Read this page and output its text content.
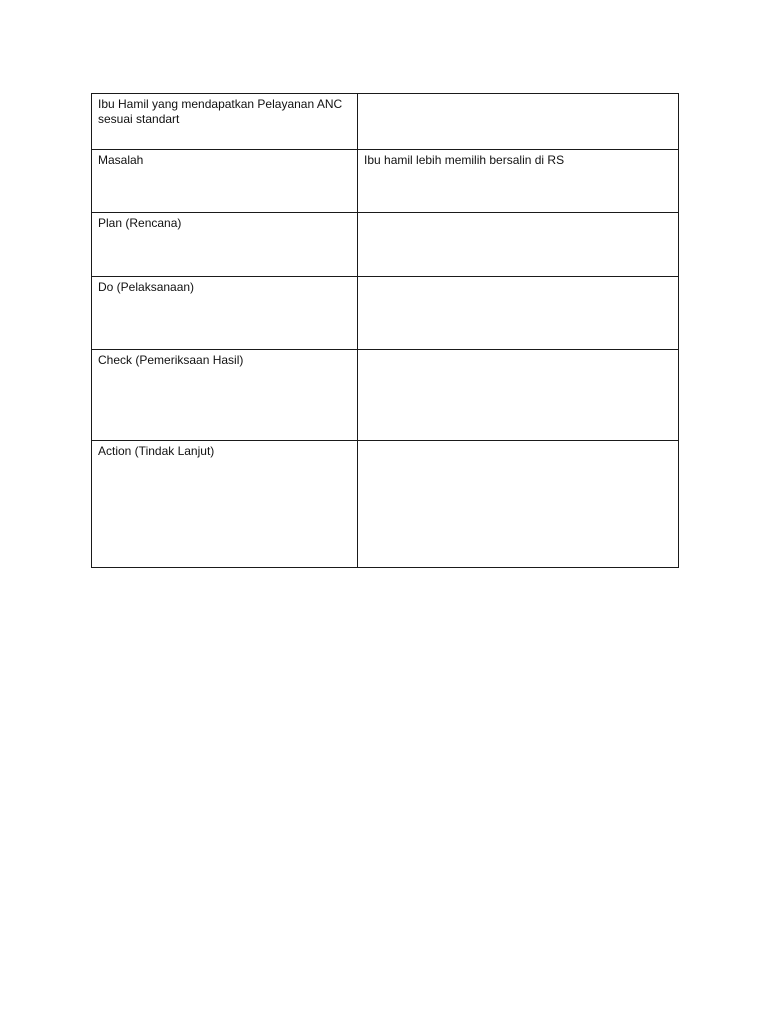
Ibu Hamil yang mendapatkan Pelayanan ANC sesuai standart	
Masalah	Ibu hamil lebih memilih bersalin di RS
Plan (Rencana)	
Do (Pelaksanaan)	
Check (Pemeriksaan Hasil)	
Action (Tindak Lanjut)	
